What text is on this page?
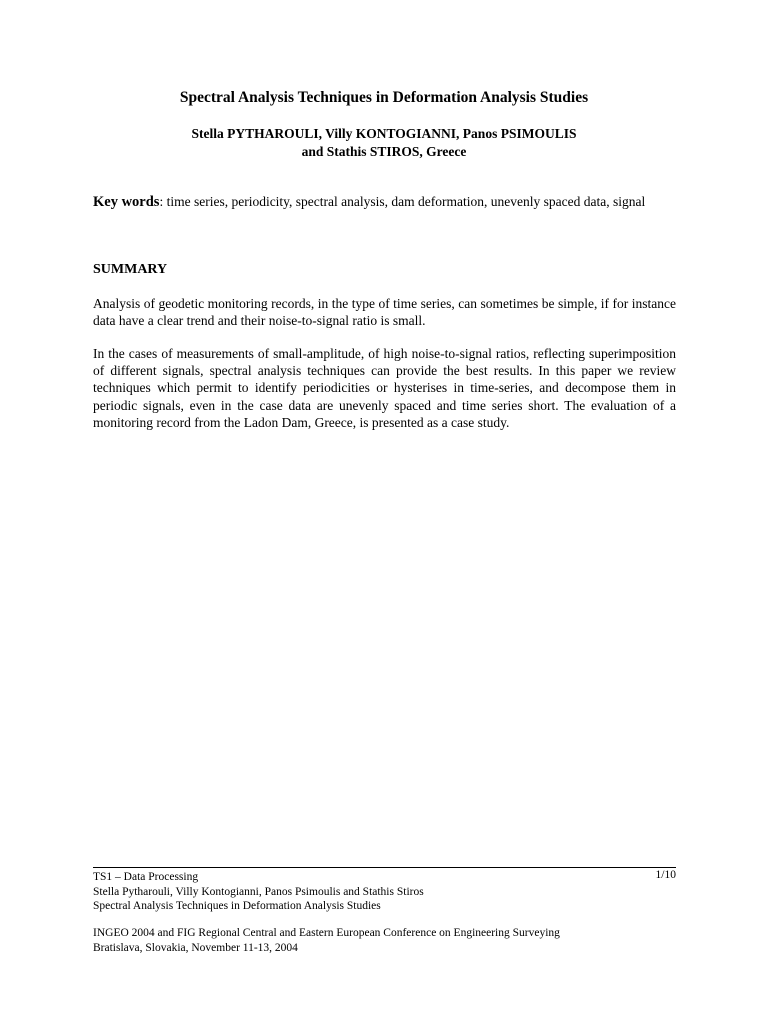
Spectral Analysis Techniques in Deformation Analysis Studies
Stella PYTHAROULI, Villy KONTOGIANNI, Panos PSIMOULIS
and Stathis STIROS, Greece
Key words: time series, periodicity, spectral analysis, dam deformation, unevenly spaced data, signal
SUMMARY
Analysis of geodetic monitoring records, in the type of time series, can sometimes be simple, if for instance data have a clear trend and their noise-to-signal ratio is small.
In the cases of measurements of small-amplitude, of high noise-to-signal ratios, reflecting superimposition of different signals, spectral analysis techniques can provide the best results. In this paper we review techniques which permit to identify periodicities or hysterises in time-series, and decompose them in periodic signals, even in the case data are unevenly spaced and time series short. The evaluation of a monitoring record from the Ladon Dam, Greece, is presented as a case study.
1/10
TS1 – Data Processing
Stella Pytharouli, Villy Kontogianni, Panos Psimoulis and Stathis Stiros
Spectral Analysis Techniques in Deformation Analysis Studies
INGEO 2004 and FIG Regional Central and Eastern European Conference on Engineering Surveying
Bratislava, Slovakia, November 11-13, 2004
